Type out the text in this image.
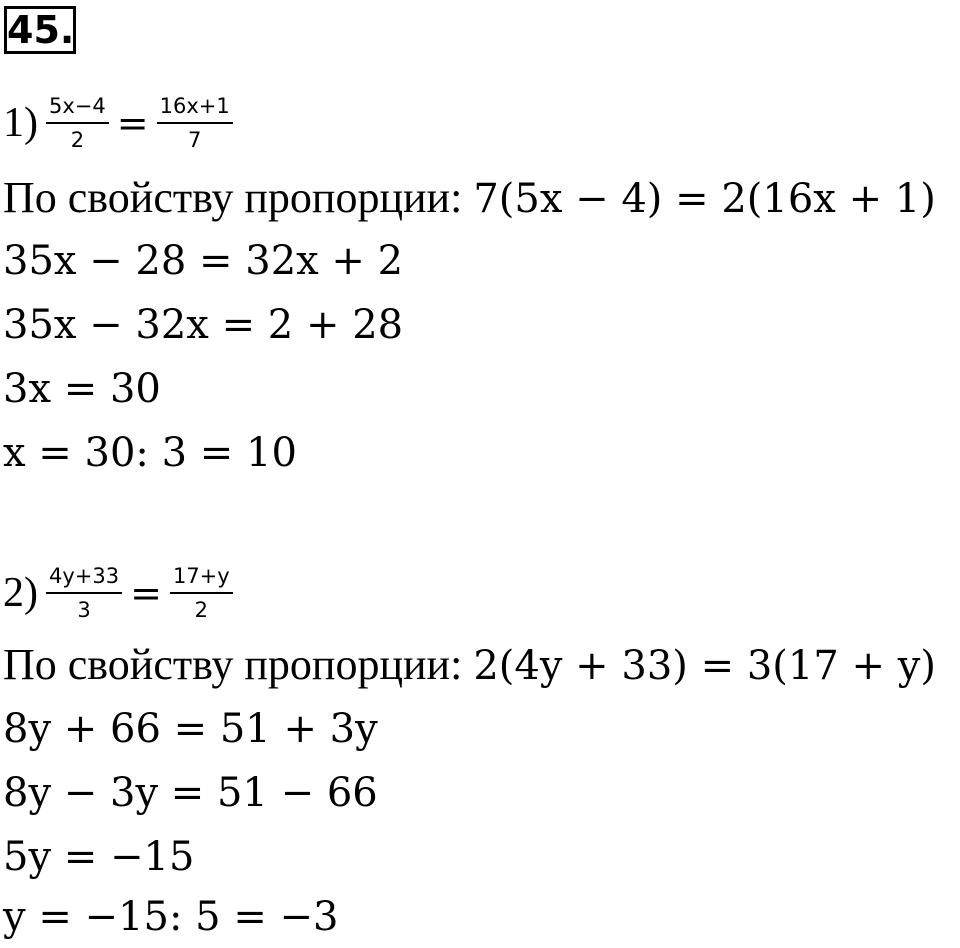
45.
$1) \frac{5x-4}{2} = \frac{16x+1}{7}$
По свойству пропорции: 7(5x − 4) = 2(16x + 1)
35x − 28 = 32x + 2
35x − 32x = 2 + 28
3x = 30
x = 30: 3 = 10
$2) \frac{4y+33}{3} = \frac{17+y}{2}$
По свойству пропорции: 2(4y + 33) = 3(17 + y)
8y + 66 = 51 + 3y
8y − 3y = 51 − 66
5y = −15
y = −15: 5 = −3
